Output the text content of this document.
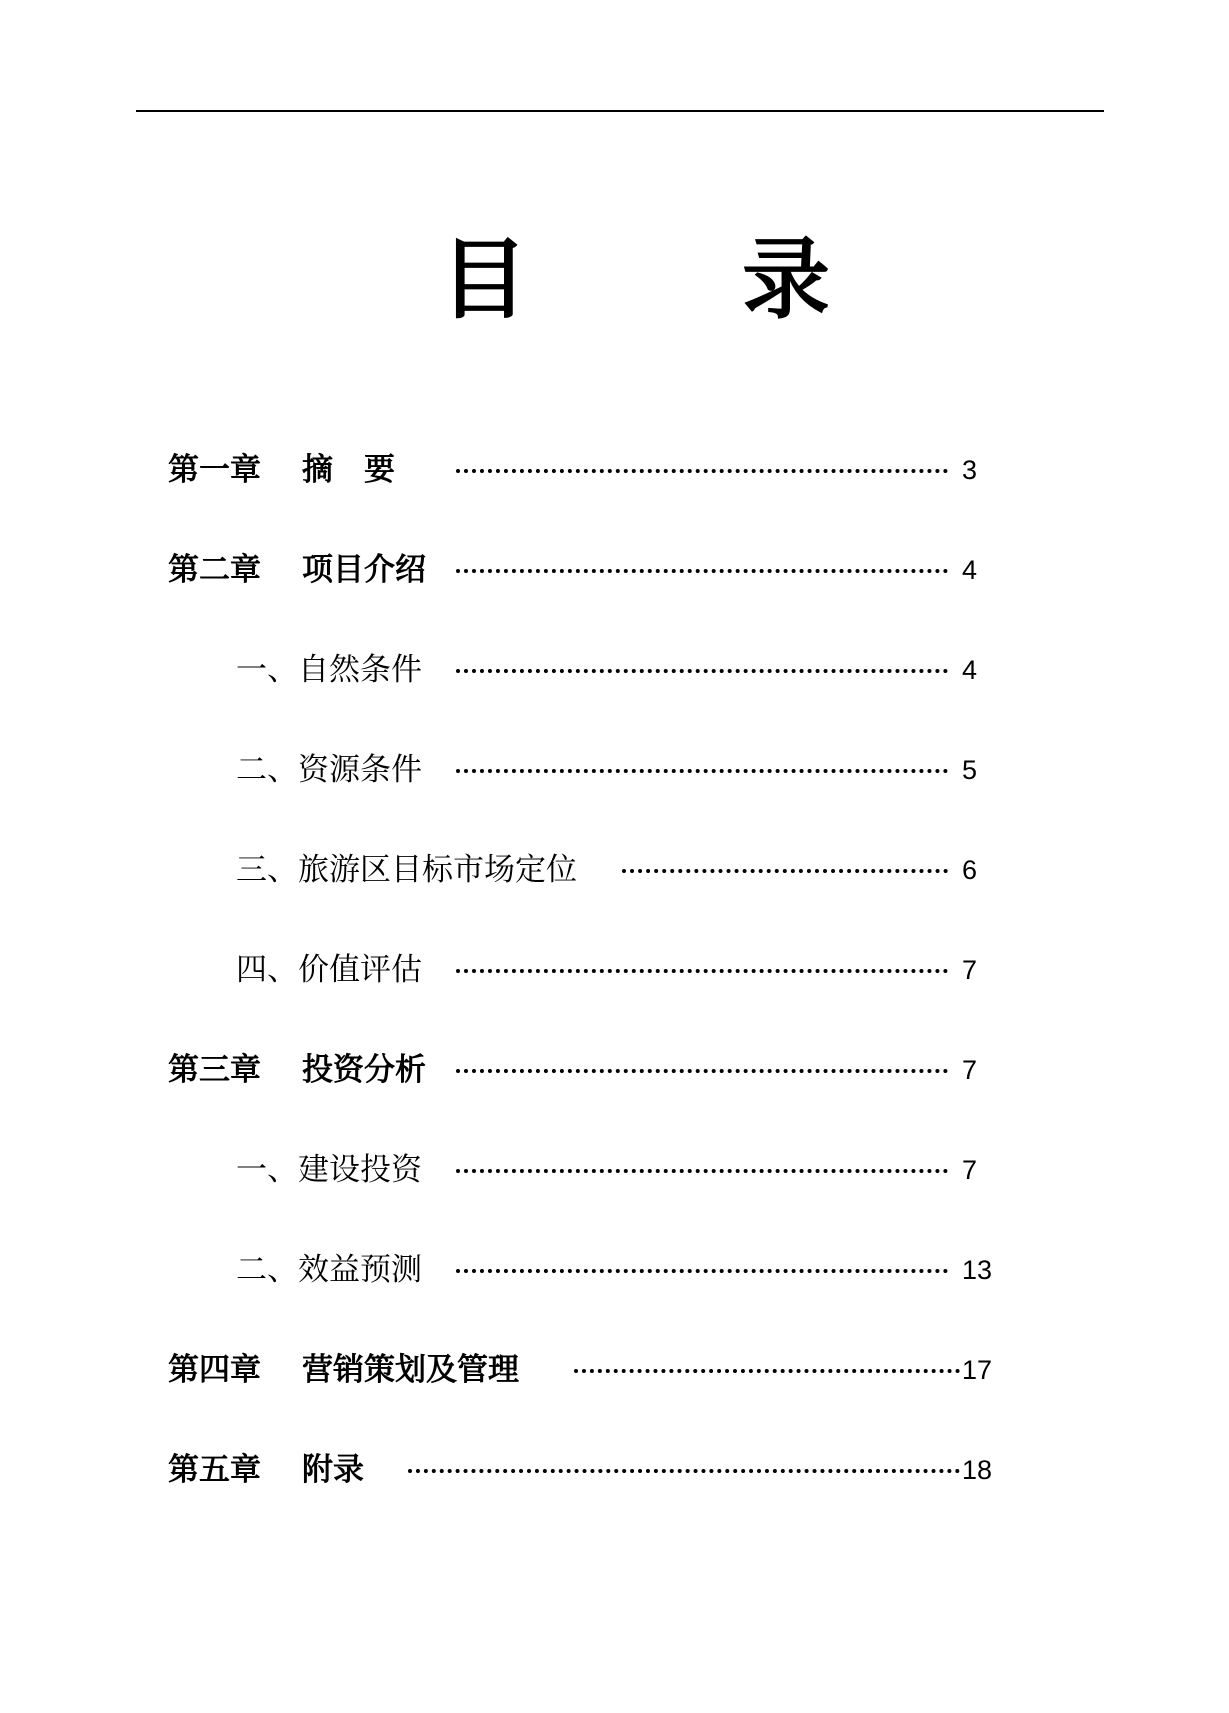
目 录
第一章 摘　要	3
第二章 项目介绍	4
一、自然条件	4
二、资源条件	5
三、旅游区目标市场定位	6
四、价值评估	7
第三章 投资分析	7
一、建设投资	7
二、效益预测	13
第四章 营销策划及管理	17
第五章 附录	18
